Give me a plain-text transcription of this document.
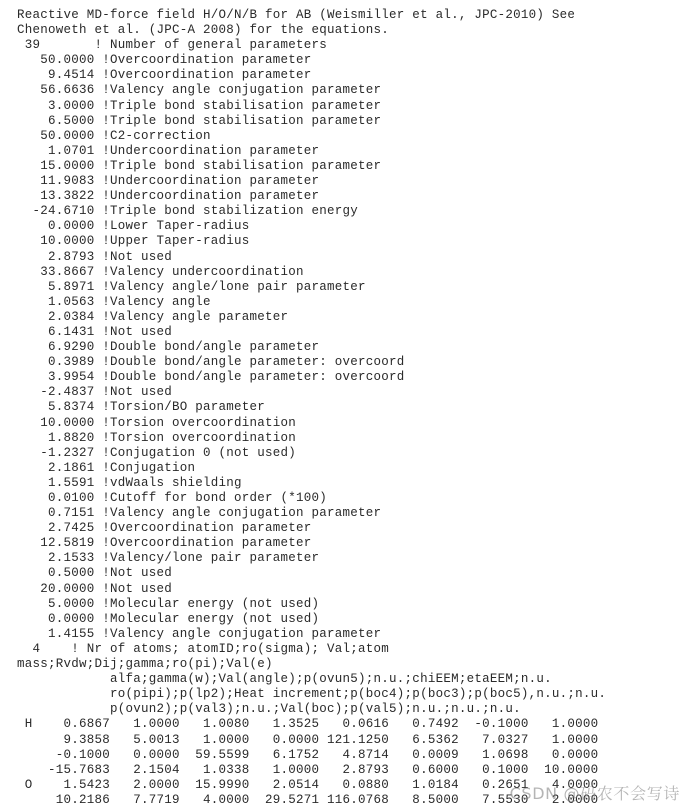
Reactive MD-force field H/O/N/B for AB (Weismiller et al., JPC-2010) See
Chenoweth et al. (JPC-A 2008) for the equations.
39       ! Number of general parameters
50.0000 !Overcoordination parameter
9.4514 !Overcoordination parameter
56.6636 !Valency angle conjugation parameter
3.0000 !Triple bond stabilisation parameter
6.5000 !Triple bond stabilisation parameter
50.0000 !C2-correction
1.0701 !Undercoordination parameter
15.0000 !Triple bond stabilisation parameter
11.9083 !Undercoordination parameter
13.3822 !Undercoordination parameter
-24.6710 !Triple bond stabilization energy
0.0000 !Lower Taper-radius
10.0000 !Upper Taper-radius
2.8793 !Not used
33.8667 !Valency undercoordination
5.8971 !Valency angle/lone pair parameter
1.0563 !Valency angle
2.0384 !Valency angle parameter
6.1431 !Not used
6.9290 !Double bond/angle parameter
0.3989 !Double bond/angle parameter: overcoord
3.9954 !Double bond/angle parameter: overcoord
-2.4837 !Not used
5.8374 !Torsion/BO parameter
10.0000 !Torsion overcoordination
1.8820 !Torsion overcoordination
-1.2327 !Conjugation 0 (not used)
2.1861 !Conjugation
1.5591 !vdWaals shielding
0.0100 !Cutoff for bond order (*100)
0.7151 !Valency angle conjugation parameter
2.7425 !Overcoordination parameter
12.5819 !Overcoordination parameter
2.1533 !Valency/lone pair parameter
0.5000 !Not used
20.0000 !Not used
5.0000 !Molecular energy (not used)
0.0000 !Molecular energy (not used)
1.4155 !Valency angle conjugation parameter
4    ! Nr of atoms; atomID;ro(sigma); Val;atom
mass;Rvdw;Dij;gamma;ro(pi);Val(e)
alfa;gamma(w);Val(angle);p(ovun5);n.u.;chiEEM;etaEEM;n.u.
ro(pipi);p(lp2);Heat increment;p(boc4);p(boc3);p(boc5),n.u.;n.u.
p(ovun2);p(val3);n.u.;Val(boc);p(val5);n.u.;n.u.;n.u.
H    0.6867   1.0000   1.0080   1.3525   0.0616   0.7492  -0.1000   1.0000
9.3858   5.0013   1.0000   0.0000 121.1250   6.5362   7.0327   1.0000
-0.1000   0.0000  59.5599   6.1752   4.8714   0.0009   1.0698   0.0000
-15.7683   2.1504   1.0338   1.0000   2.8793   0.6000   0.1000  10.0000
O    1.5423   2.0000  15.9990   2.0514   0.0880   1.0184   0.2651   4.0000
10.2186   7.7719   4.0000  29.5271 116.0768   8.5000   7.5530   2.0000
CSDN @码农不会写诗
